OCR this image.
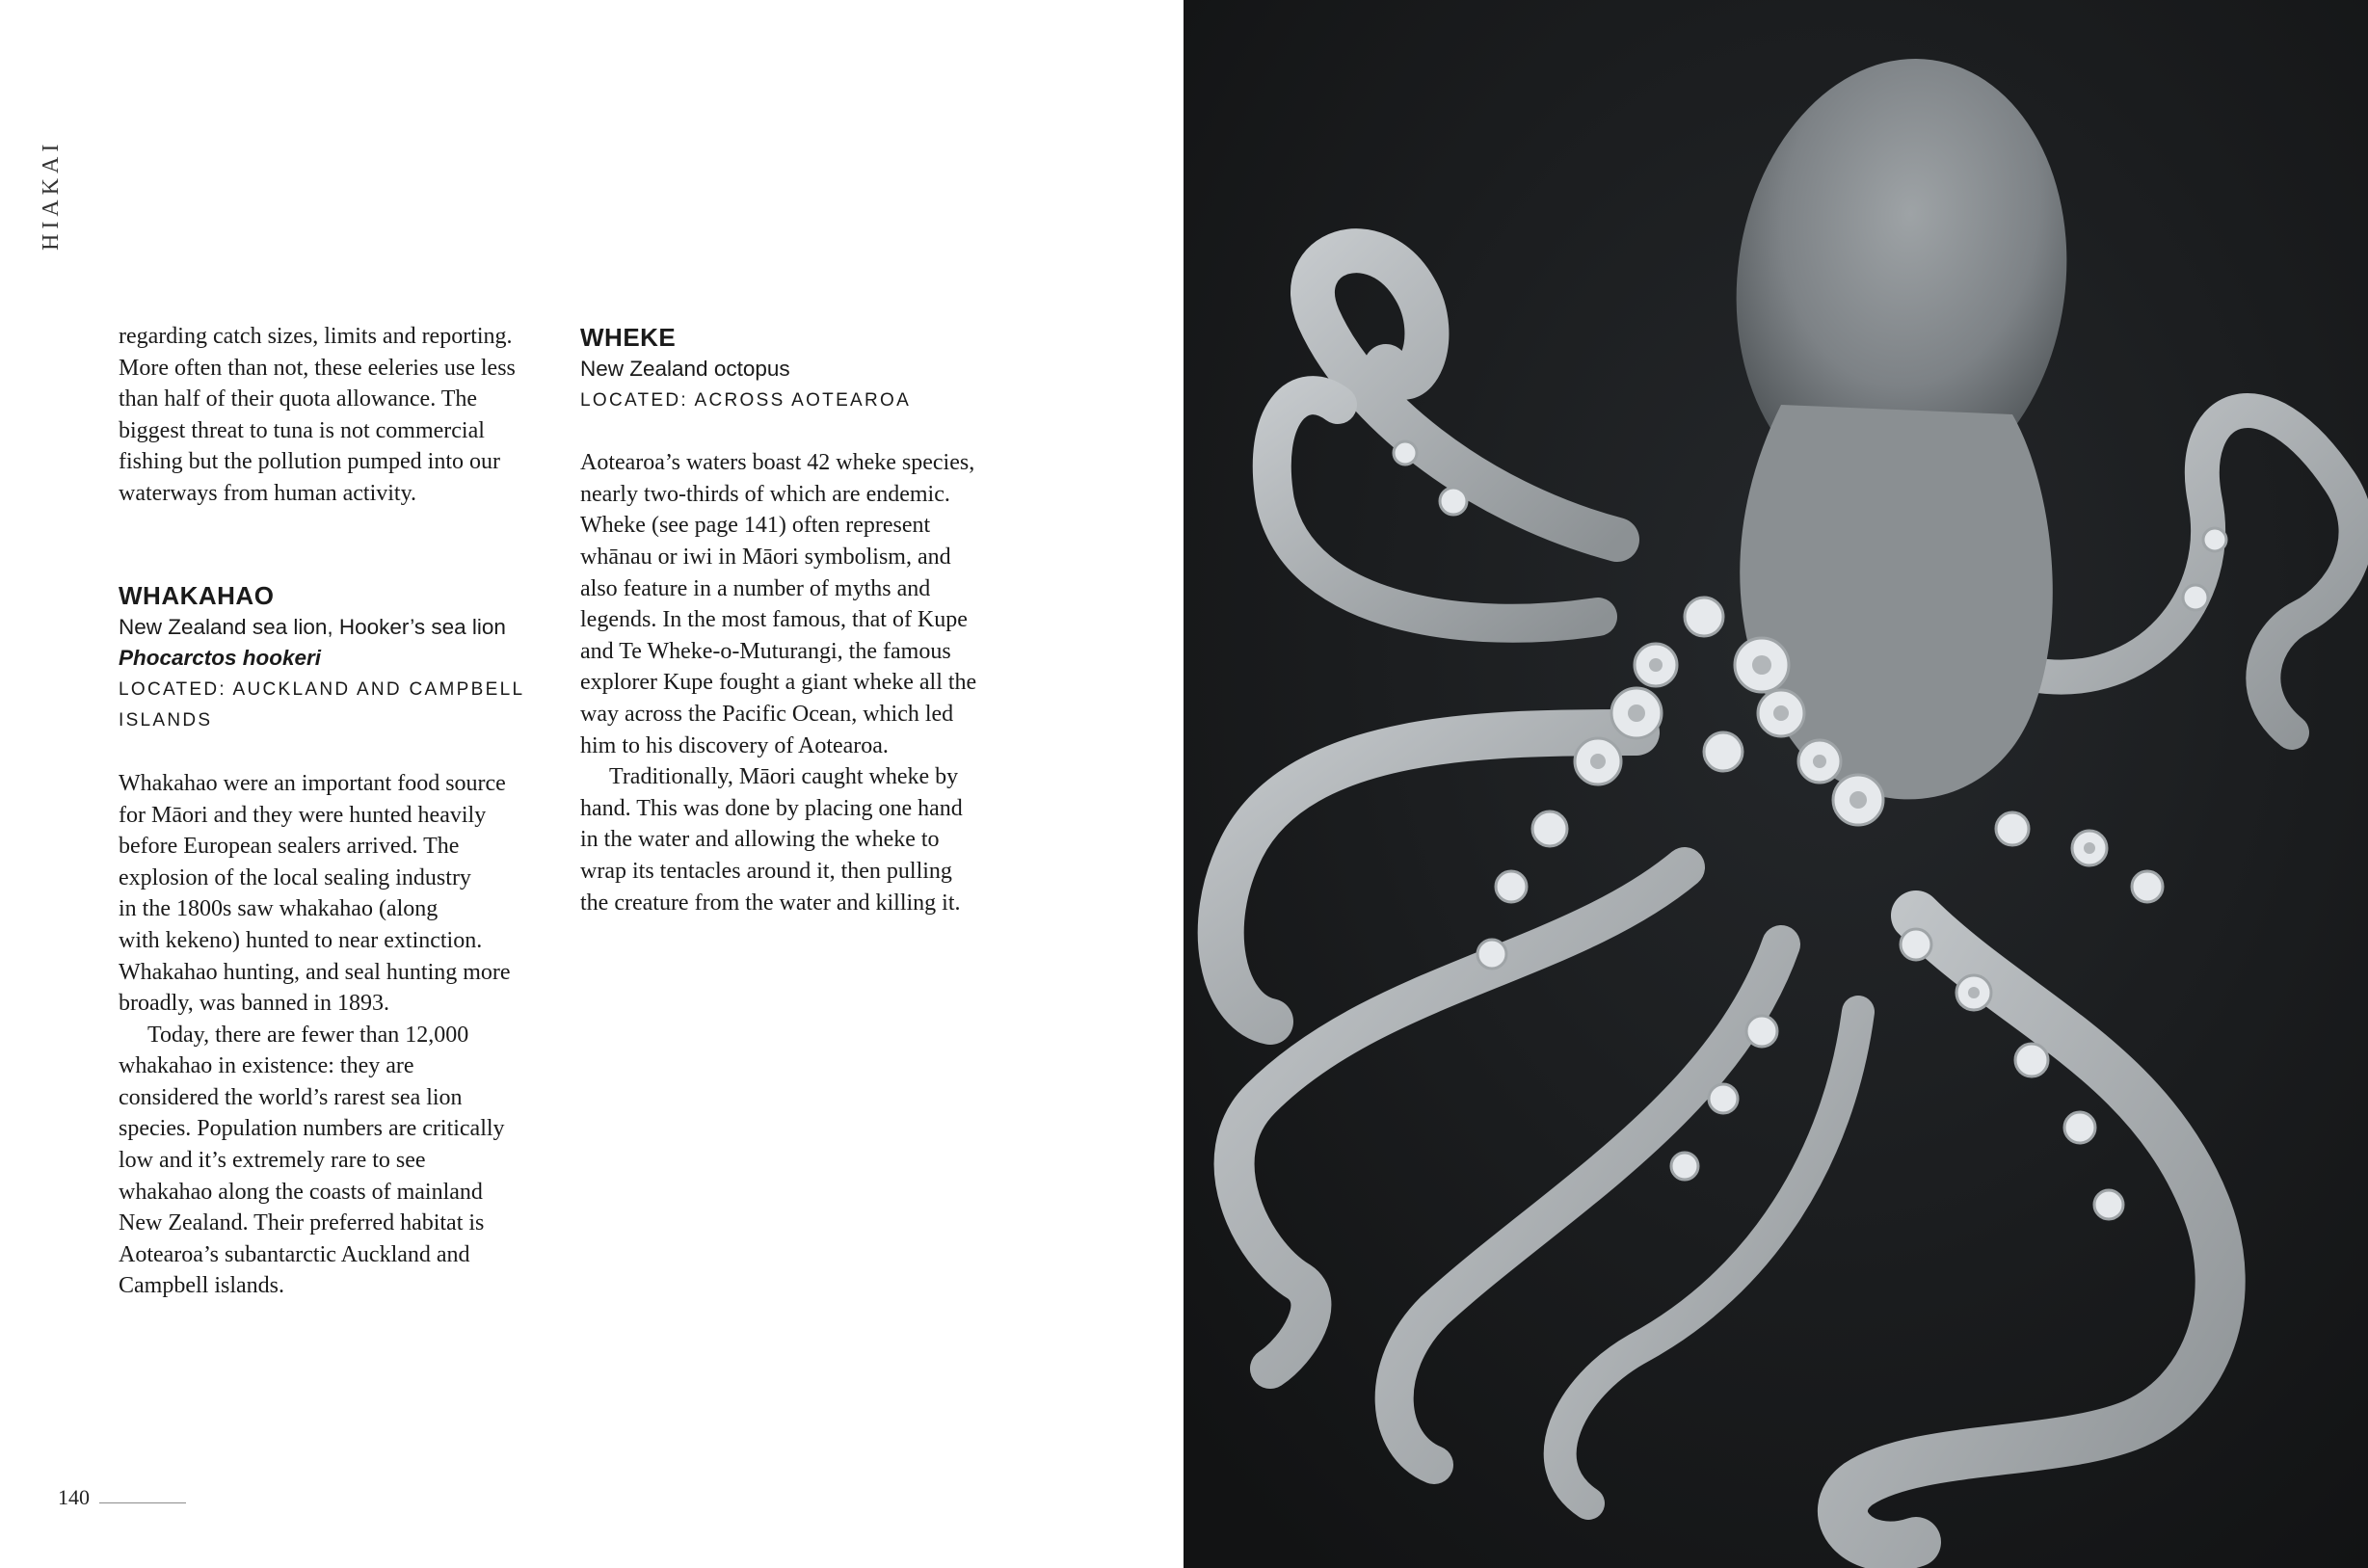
HIAKAI

regarding catch sizes, limits and reporting.
More often than not, these eeleries use less
than half of their quota allowance. The
biggest threat to tuna is not commercial
fishing but the pollution pumped into our
waterways from human activity.

WHAKAHAO

New Zealand sea lion, Hooker’s sea lion

Phocarctos hookeri

LOCATED: AUCKLAND AND CAMPBELL
ISLANDS

Whakahao were an important food source
for Māori and they were hunted heavily
before European sealers arrived. The
explosion of the local sealing industry
in the 1800s saw whakahao (along
with kekeno) hunted to near extinction.
Whakahao hunting, and seal hunting more
broadly, was banned in 1893.

Today, there are fewer than 12,000
whakahao in existence: they are
considered the world’s rarest sea lion
species. Population numbers are critically
low and it’s extremely rare to see
whakahao along the coasts of mainland
New Zealand. Their preferred habitat is
Aotearoa’s subantarctic Auckland and
Campbell islands.

WHEKE

New Zealand octopus

LOCATED: ACROSS AOTEAROA

Aotearoa’s waters boast 42 wheke species,
nearly two-thirds of which are endemic.
Wheke (see page 141) often represent
whānau or iwi in Māori symbolism, and
also feature in a number of myths and
legends. In the most famous, that of Kupe
and Te Wheke-o-Muturangi, the famous
explorer Kupe fought a giant wheke all the
way across the Pacific Ocean, which led
him to his discovery of Aotearoa.

Traditionally, Māori caught wheke by
hand. This was done by placing one hand
in the water and allowing the wheke to
wrap its tentacles around it, then pulling
the creature from the water and killing it.

140
